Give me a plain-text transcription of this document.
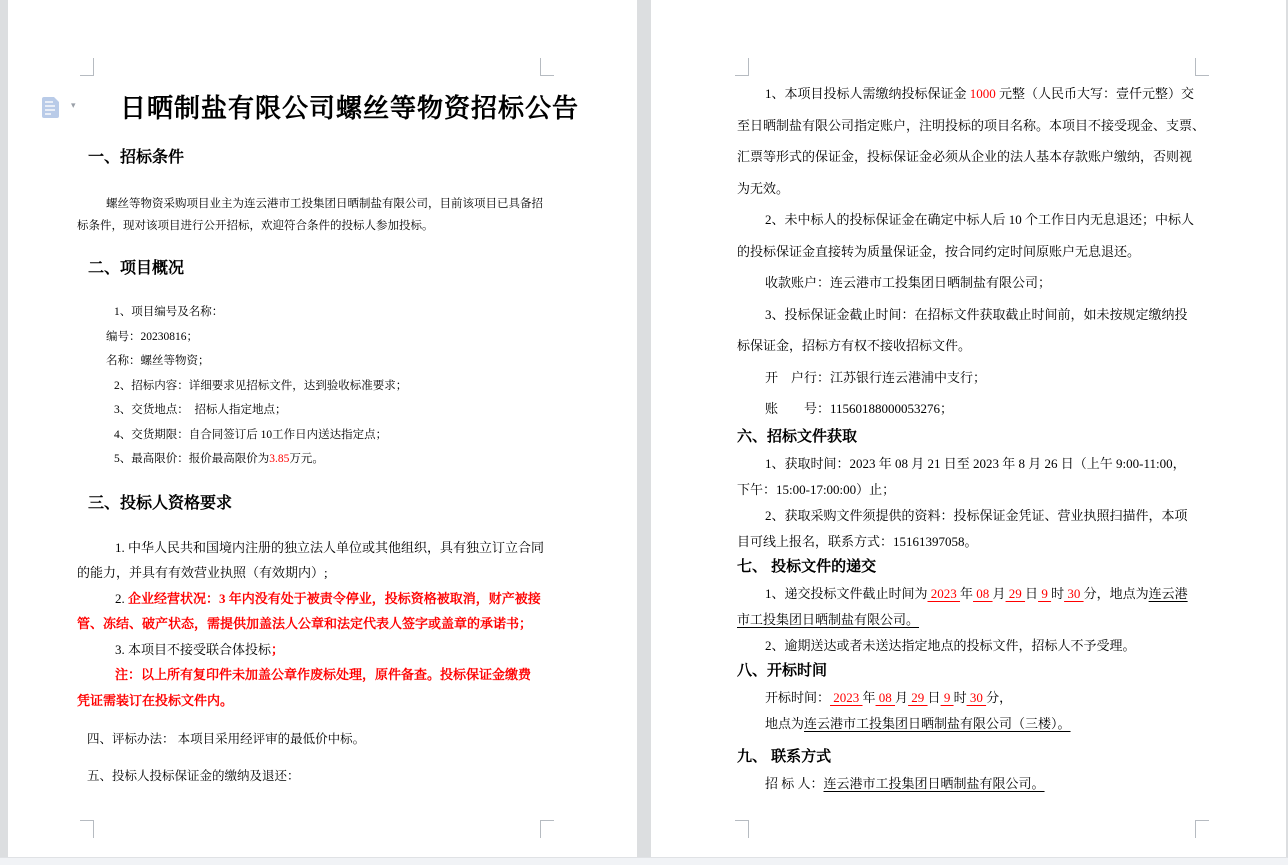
日晒制盐有限公司螺丝等物资招标公告
一、招标条件
螺丝等物资采购项目业主为连云港市工投集团日晒制盐有限公司，目前该项目已具备招
标条件，现对该项目进行公开招标，欢迎符合条件的投标人参加投标。
二、项目概况
1、项目编号及名称：
编号：20230816；
名称：螺丝等物资；
2、招标内容：详细要求见招标文件，达到验收标准要求；
3、交货地点：  招标人指定地点；
4、交货期限：自合同签订后 10工作日内送达指定点；
5、最高限价：报价最高限价为3.85万元。
三、投标人资格要求
1. 中华人民共和国境内注册的独立法人单位或其他组织，具有独立订立合同
的能力，并具有有效营业执照（有效期内）;
2. 企业经营状况：3 年内没有处于被责令停业，投标资格被取消，财产被接
管、冻结、破产状态，需提供加盖法人公章和法定代表人签字或盖章的承诺书；
3. 本项目不接受联合体投标；
注：以上所有复印件未加盖公章作废标处理，原件备查。投标保证金缴费
凭证需装订在投标文件内。
四、评标办法： 本项目采用经评审的最低价中标。
五、投标人投标保证金的缴纳及退还：
1、本项目投标人需缴纳投标保证金 1000 元整（人民币大写：壹仟元整）交
至日晒制盐有限公司指定账户，注明投标的项目名称。本项目不接受现金、支票、
汇票等形式的保证金，投标保证金必须从企业的法人基本存款账户缴纳，否则视
为无效。
2、未中标人的投标保证金在确定中标人后 10 个工作日内无息退还；中标人
的投标保证金直接转为质量保证金，按合同约定时间原账户无息退还。
收款账户：连云港市工投集团日晒制盐有限公司；
3、投标保证金截止时间：在招标文件获取截止时间前，如未按规定缴纳投
标保证金，招标方有权不接收招标文件。
开　户行：江苏银行连云港浦中支行；
账　　号：11560188000053276；
六、招标文件获取
1、获取时间：2023 年 08 月 21 日至 2023 年 8 月 26 日（上午 9:00-11:00，
下午：15:00-17:00:00）止；
2、获取采购文件须提供的资料：投标保证金凭证、营业执照扫描件，本项
目可线上报名，联系方式：15161397058。
七、 投标文件的递交
1、递交投标文件截止时间为 2023 年 08 月 29 日 9 时 30 分，地点为连云港
市工投集团日晒制盐有限公司。
2、逾期送达或者未送达指定地点的投标文件，招标人不予受理。
八、开标时间
开标时间： 2023 年 08 月 29 日 9 时 30 分，
地点为连云港市工投集团日晒制盐有限公司（三楼）。
九、 联系方式
招 标 人：连云港市工投集团日晒制盐有限公司。
▾
